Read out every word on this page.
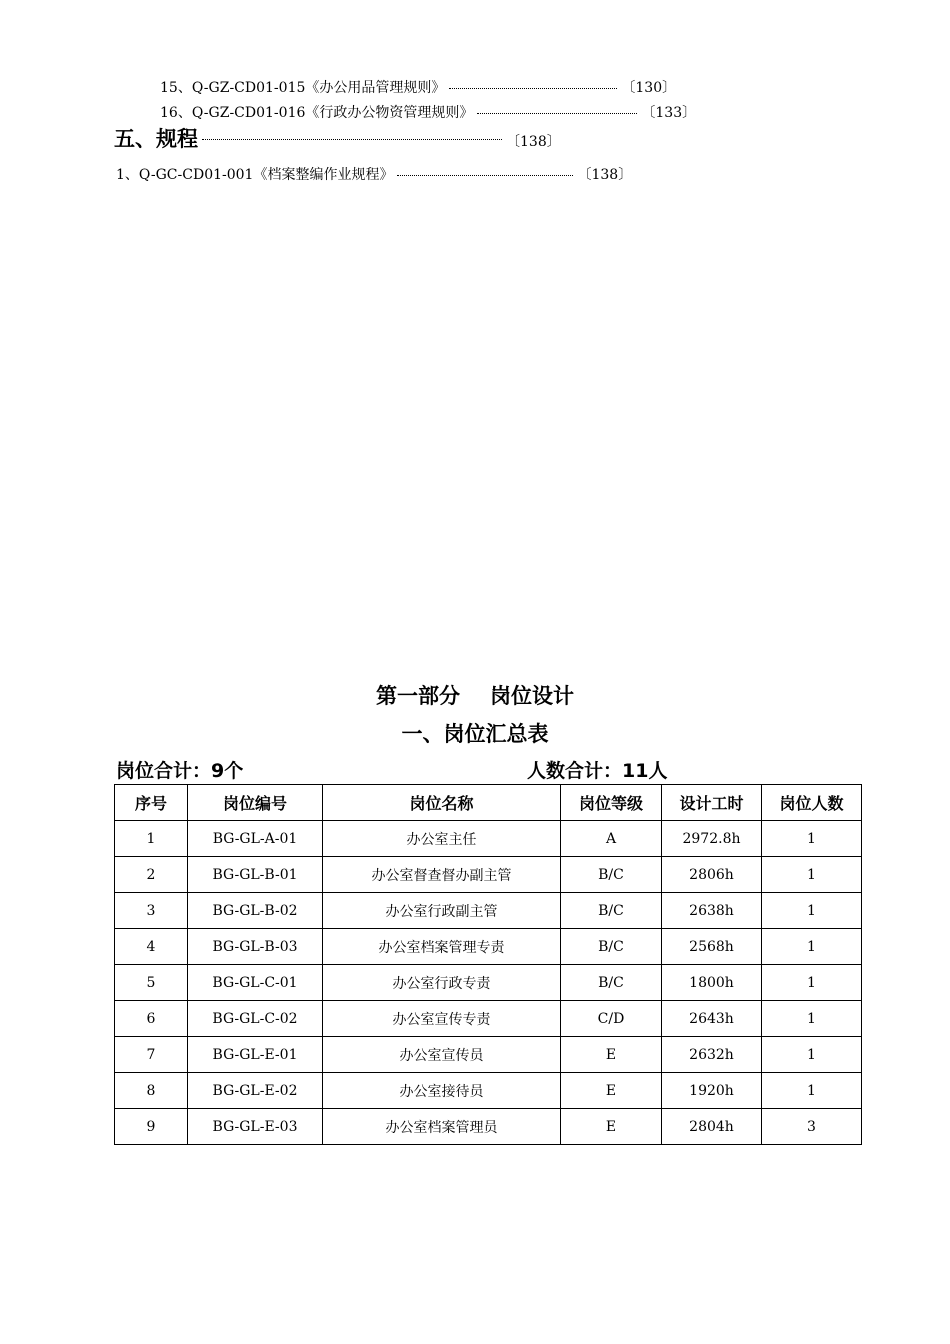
15、Q-GZ-CD01-015《办公用品管理规则》	〔130〕
16、Q-GZ-CD01-016《行政办公物资管理规则》	〔133〕
五、规程	〔138〕
1、Q-GC-CD01-001《档案整编作业规程》	〔138〕
第一部分 岗位设计
一、岗位汇总表
岗位合计：9个	人数合计：11人
序号	岗位编号	岗位名称	岗位等级	设计工时	岗位人数
1	BG-GL-A-01	办公室主任	A	2972.8h	1
2	BG-GL-B-01	办公室督查督办副主管	B/C	2806h	1
3	BG-GL-B-02	办公室行政副主管	B/C	2638h	1
4	BG-GL-B-03	办公室档案管理专责	B/C	2568h	1
5	BG-GL-C-01	办公室行政专责	B/C	1800h	1
6	BG-GL-C-02	办公室宣传专责	C/D	2643h	1
7	BG-GL-E-01	办公室宣传员	E	2632h	1
8	BG-GL-E-02	办公室接待员	E	1920h	1
9	BG-GL-E-03	办公室档案管理员	E	2804h	3
